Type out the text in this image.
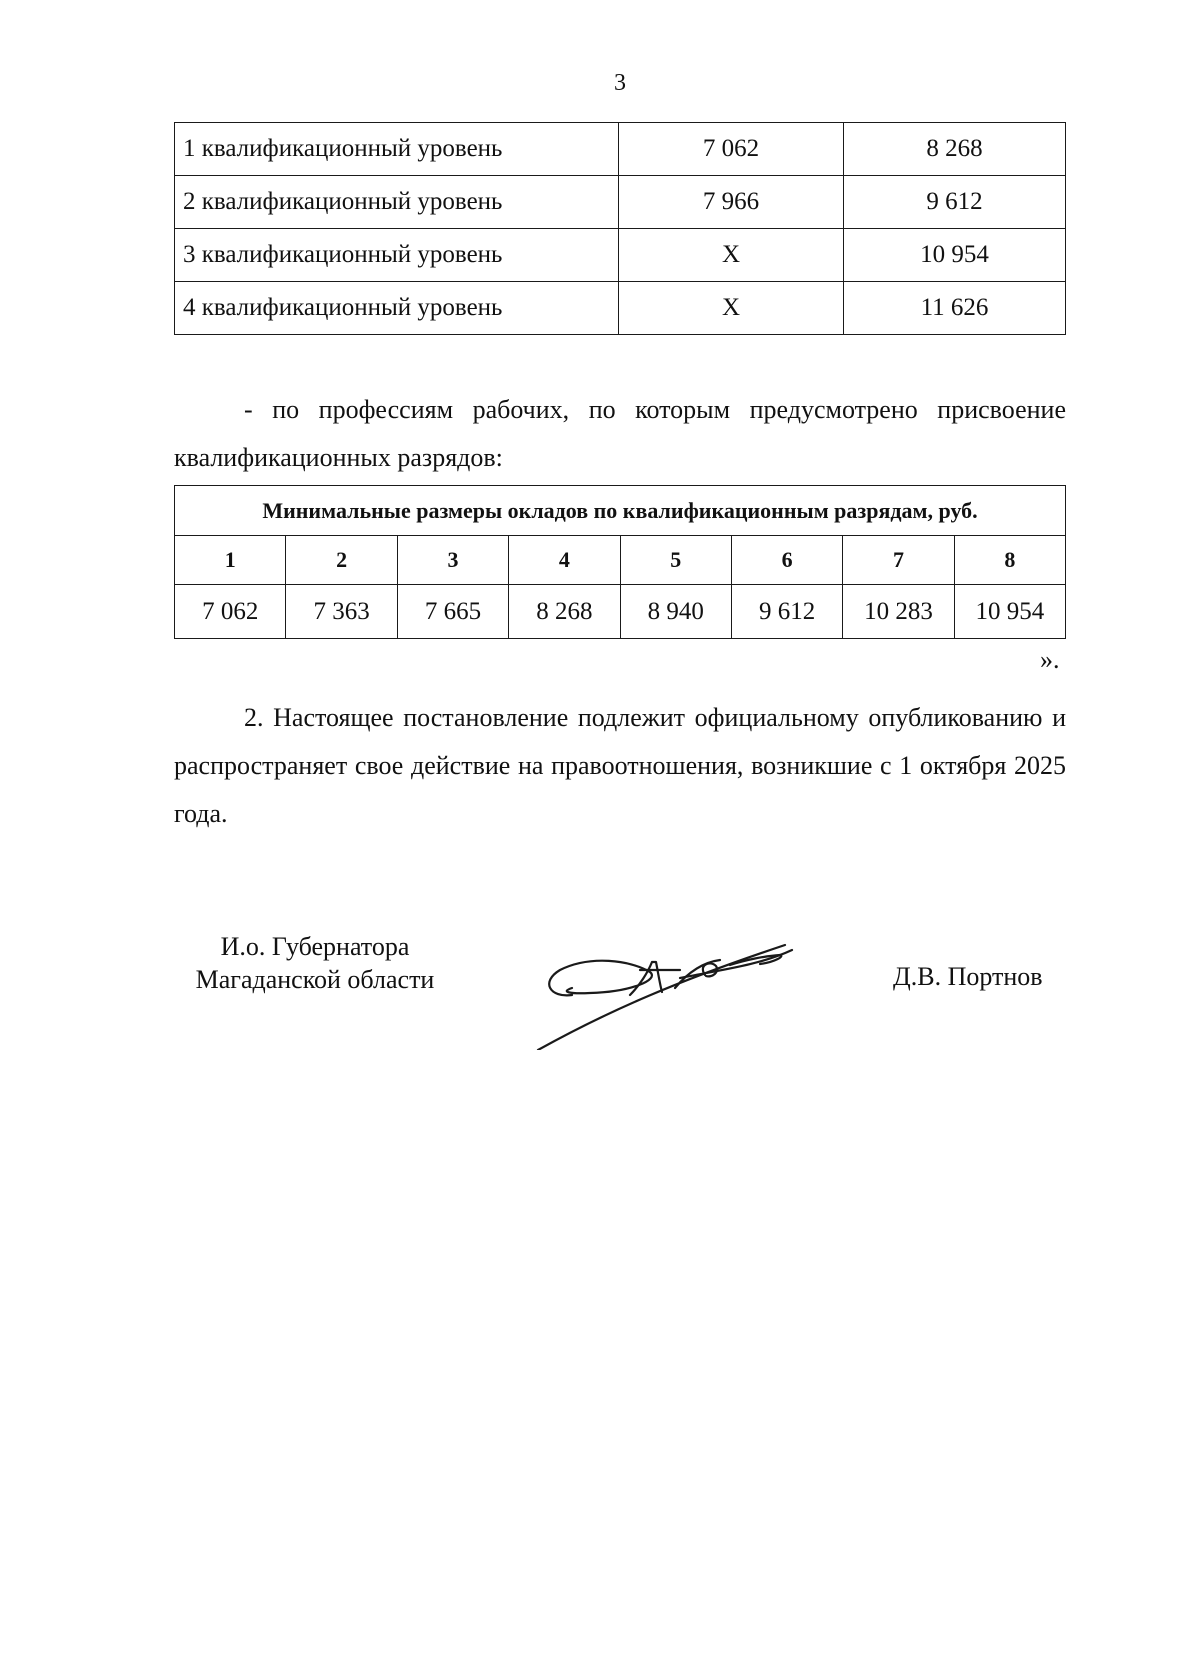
3
1 квалификационный уровень	7 062	8 268
2 квалификационный уровень	7 966	9 612
3 квалификационный уровень	Х	10 954
4 квалификационный уровень	Х	11 626

- по профессиям рабочих, по которым предусмотрено присвоение квалификационных разрядов:

Минимальные размеры окладов по квалификационным разрядам, руб.							
1	2	3	4	5	6	7	8
7 062	7 363	7 665	8 268	8 940	9 612	10 283	10 954
».

2. Настоящее постановление подлежит официальному опубликованию и распространяет свое действие на правоотношения, возникшие с 1 октября 2025 года.

И.о. Губернатора
Магаданской области	Д.В. Портнов
